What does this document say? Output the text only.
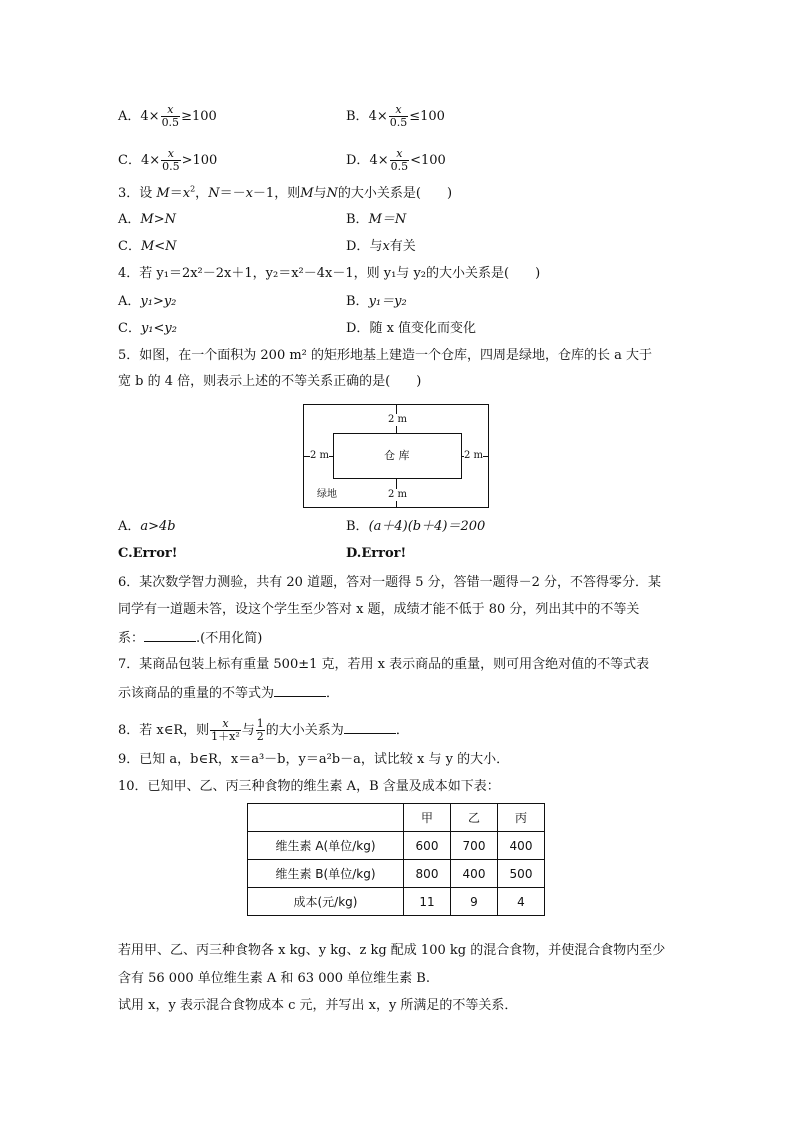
A．$4\times \frac{x}{0.5} \ge 100$	B．$4\times \frac{x}{0.5} \le 100$
C．$4\times \frac{x}{0.5} >100$	D．$4\times \frac{x}{0.5} <100$
3．设 $M=x^2$，N＝－x－1，则M与N的大小关系是(　　)
A．M>N	B．M＝N
C．M<N	D．与x有关
4．若 y₁＝2x²－2x＋1，y₂＝x²－4x－1，则 y₁与 y₂的大小关系是(　　)
A．y₁>y₂	B．y₁＝y₂
C．y₁<y₂	D．随 x 值变化而变化
5．如图，在一个面积为 200 m² 的矩形地基上建造一个仓库，四周是绿地，仓库的长 a 大于
宽 b 的 4 倍，则表示上述的不等关系正确的是(　　)
2 m
2 m
2 m	2 m
仓 库
绿地
A．a>4b	B．(a＋4)(b＋4)＝200
C.Error!	D.Error!
6．某次数学智力测验，共有 20 道题，答对一题得 5 分，答错一题得－2 分，不答得零分．某
同学有一道题未答，设这个学生至少答对 x 题，成绩才能不低于 80 分，列出其中的不等关
系：	.(不用化简)
7．某商品包装上标有重量 500±1 克，若用 x 表示商品的重量，则可用含绝对值的不等式表
示该商品的重量的不等式为	．
8．若 x∈R，则 $\frac{x}{\text{1＋x²}}$ 与 $\frac{1}{2}$ 的大小关系为	．
9．已知 a，b∈R，x＝a³－b，y＝a²b－a，试比较 x 与 y 的大小．
10．已知甲、乙、丙三种食物的维生素 A，B 含量及成本如下表：
	甲	乙	丙
维生素 A(单位/kg)	600	700	400
维生素 B(单位/kg)	800	400	500
成本(元/kg)	11	9	4
若用甲、乙、丙三种食物各 x kg、y kg、z kg 配成 100 kg 的混合食物，并使混合食物内至少
含有 56 000 单位维生素 A 和 63 000 单位维生素 B.
试用 x，y 表示混合食物成本 c 元，并写出 x，y 所满足的不等关系．
